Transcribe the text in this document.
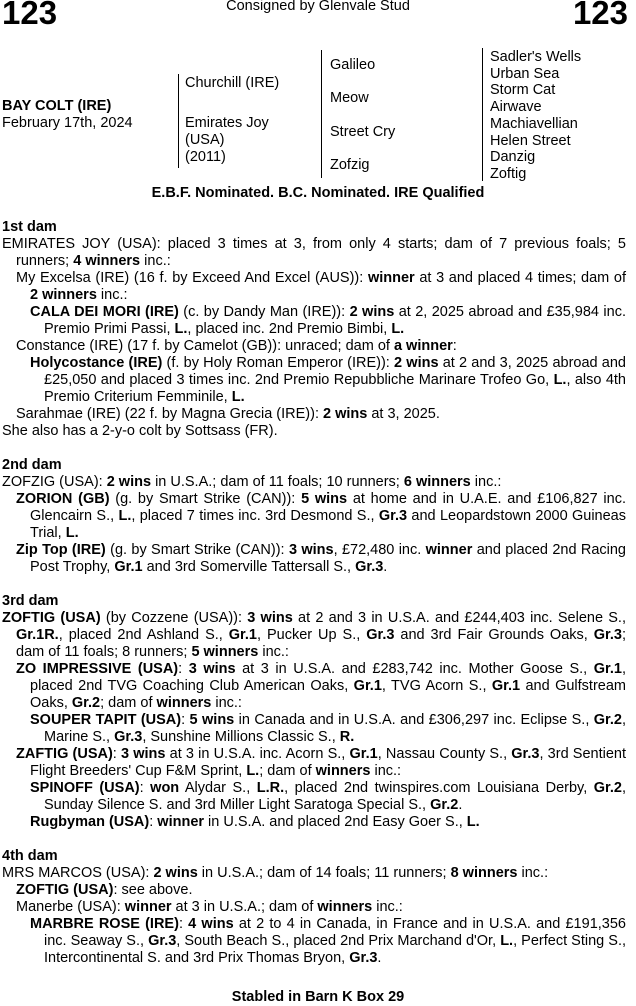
123	123
Consigned by Glenvale Stud
BAY COLT (IRE)
February 17th, 2024
Churchill (IRE)
Emirates Joy
(USA)
(2011)
Galileo
Meow
Street Cry
Zofzig
Sadler's Wells
Urban Sea
Storm Cat
Airwave
Machiavellian
Helen Street
Danzig
Zoftig
E.B.F. Nominated. B.C. Nominated. IRE Qualified
1st dam
EMIRATES JOY (USA): placed 3 times at 3, from only 4 starts; dam of 7 previous foals; 5 runners; 4 winners inc.:
My Excelsa (IRE) (16 f. by Exceed And Excel (AUS)): winner at 3 and placed 4 times; dam of 2 winners inc.:
CALA DEI MORI (IRE) (c. by Dandy Man (IRE)): 2 wins at 2, 2025 abroad and £35,984 inc. Premio Primi Passi, L., placed inc. 2nd Premio Bimbi, L.
Constance (IRE) (17 f. by Camelot (GB)): unraced; dam of a winner:
Holycostance (IRE) (f. by Holy Roman Emperor (IRE)): 2 wins at 2 and 3, 2025 abroad and £25,050 and placed 3 times inc. 2nd Premio Repubbliche Marinare Trofeo Go, L., also 4th Premio Criterium Femminile, L.
Sarahmae (IRE) (22 f. by Magna Grecia (IRE)): 2 wins at 3, 2025.
She also has a 2-y-o colt by Sottsass (FR).
2nd dam
ZOFZIG (USA): 2 wins in U.S.A.; dam of 11 foals; 10 runners; 6 winners inc.:
ZORION (GB) (g. by Smart Strike (CAN)): 5 wins at home and in U.A.E. and £106,827 inc. Glencairn S., L., placed 7 times inc. 3rd Desmond S., Gr.3 and Leopardstown 2000 Guineas Trial, L.
Zip Top (IRE) (g. by Smart Strike (CAN)): 3 wins, £72,480 inc. winner and placed 2nd Racing Post Trophy, Gr.1 and 3rd Somerville Tattersall S., Gr.3.
3rd dam
ZOFTIG (USA) (by Cozzene (USA)): 3 wins at 2 and 3 in U.S.A. and £244,403 inc. Selene S., Gr.1R., placed 2nd Ashland S., Gr.1, Pucker Up S., Gr.3 and 3rd Fair Grounds Oaks, Gr.3; dam of 11 foals; 8 runners; 5 winners inc.:
ZO IMPRESSIVE (USA): 3 wins at 3 in U.S.A. and £283,742 inc. Mother Goose S., Gr.1, placed 2nd TVG Coaching Club American Oaks, Gr.1, TVG Acorn S., Gr.1 and Gulfstream Oaks, Gr.2; dam of winners inc.:
SOUPER TAPIT (USA): 5 wins in Canada and in U.S.A. and £306,297 inc. Eclipse S., Gr.2, Marine S., Gr.3, Sunshine Millions Classic S., R.
ZAFTIG (USA): 3 wins at 3 in U.S.A. inc. Acorn S., Gr.1, Nassau County S., Gr.3, 3rd Sentient Flight Breeders' Cup F&M Sprint, L.; dam of winners inc.:
SPINOFF (USA): won Alydar S., L.R., placed 2nd twinspires.com Louisiana Derby, Gr.2, Sunday Silence S. and 3rd Miller Light Saratoga Special S., Gr.2.
Rugbyman (USA): winner in U.S.A. and placed 2nd Easy Goer S., L.
4th dam
MRS MARCOS (USA): 2 wins in U.S.A.; dam of 14 foals; 11 runners; 8 winners inc.:
ZOFTIG (USA): see above.
Manerbe (USA): winner at 3 in U.S.A.; dam of winners inc.:
MARBRE ROSE (IRE): 4 wins at 2 to 4 in Canada, in France and in U.S.A. and £191,356 inc. Seaway S., Gr.3, South Beach S., placed 2nd Prix Marchand d'Or, L., Perfect Sting S., Intercontinental S. and 3rd Prix Thomas Bryon, Gr.3.
Stabled in Barn K Box 29
